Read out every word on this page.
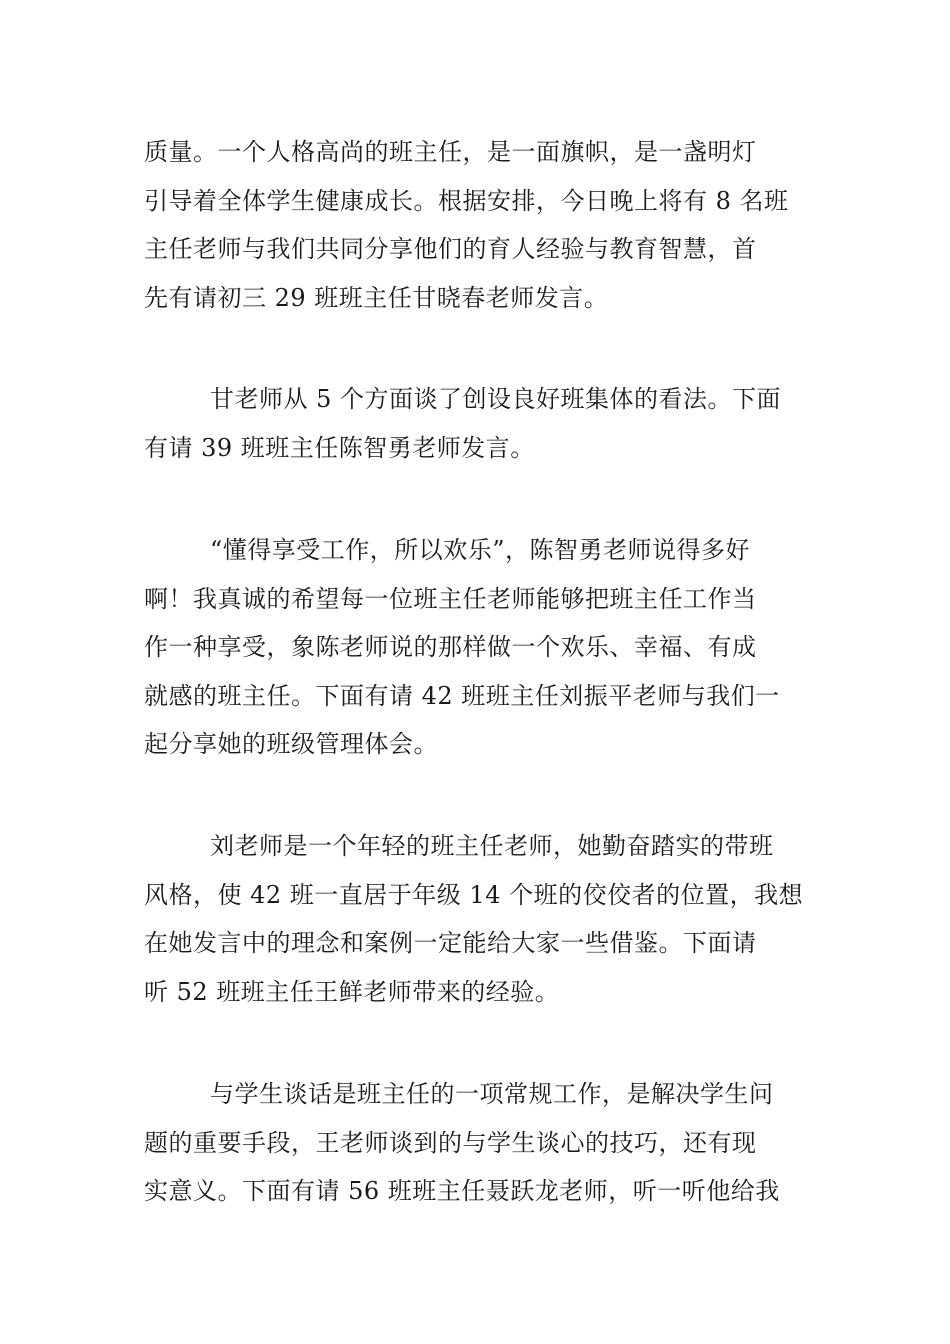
质量。一个人格高尚的班主任，是一面旗帜，是一盏明灯
引导着全体学生健康成长。根据安排，今日晚上将有 8 名班
主任老师与我们共同分享他们的育人经验与教育智慧，首
先有请初三 29 班班主任甘晓春老师发言。
甘老师从 5 个方面谈了创设良好班集体的看法。下面
有请 39 班班主任陈智勇老师发言。
“懂得享受工作，所以欢乐”，陈智勇老师说得多好
啊！我真诚的希望每一位班主任老师能够把班主任工作当
作一种享受，象陈老师说的那样做一个欢乐、幸福、有成
就感的班主任。下面有请 42 班班主任刘振平老师与我们一
起分享她的班级管理体会。
刘老师是一个年轻的班主任老师，她勤奋踏实的带班
风格，使 42 班一直居于年级 14 个班的佼佼者的位置，我想
在她发言中的理念和案例一定能给大家一些借鉴。下面请
听 52 班班主任王鲜老师带来的经验。
与学生谈话是班主任的一项常规工作，是解决学生问
题的重要手段，王老师谈到的与学生谈心的技巧，还有现
实意义。下面有请 56 班班主任聂跃龙老师，听一听他给我
